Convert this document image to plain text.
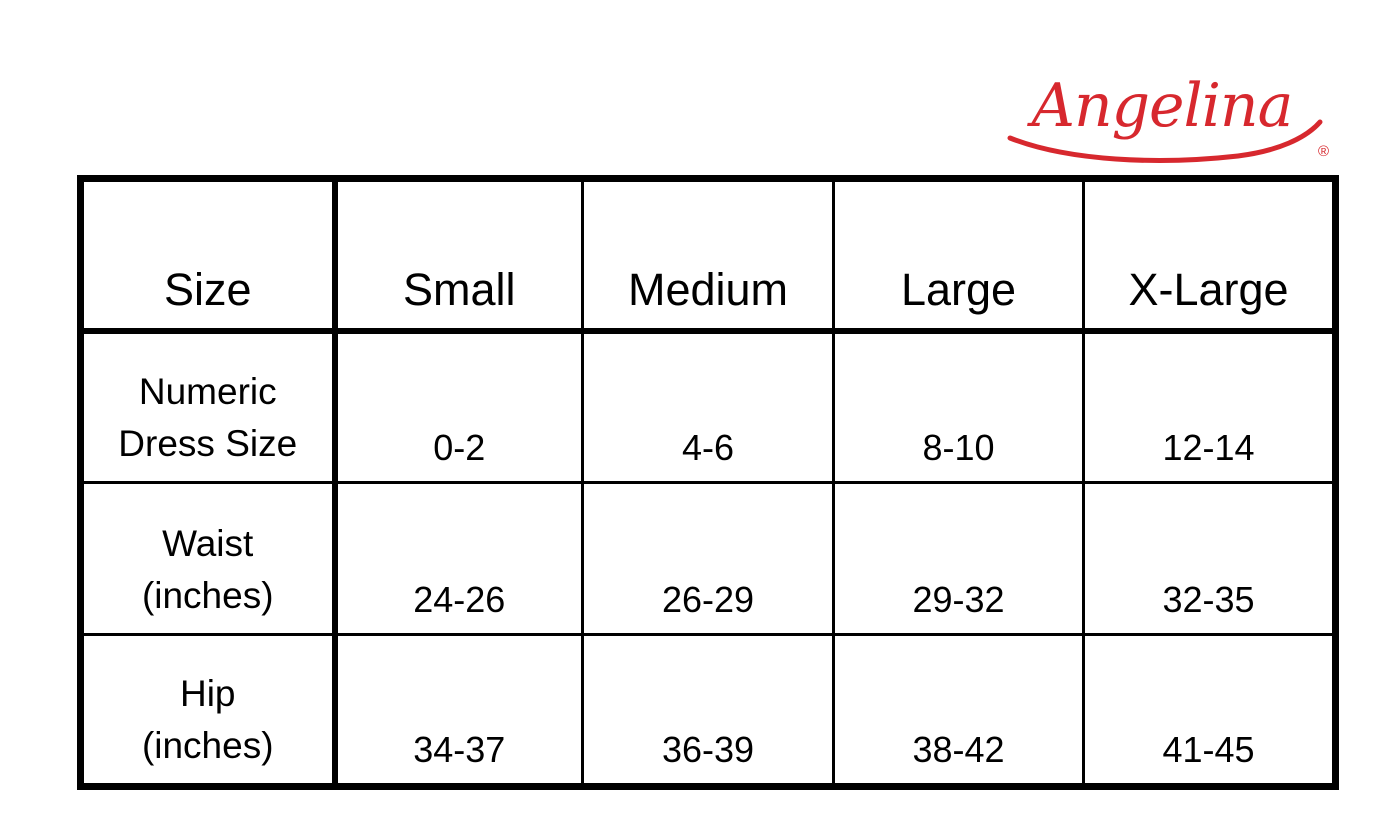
Angelina
®
Size	Small	Medium	Large	X-Large
Numeric
Dress Size	0-2	4-6	8-10	12-14
Waist
(inches)	24-26	26-29	29-32	32-35
Hip
(inches)	34-37	36-39	38-42	41-45
